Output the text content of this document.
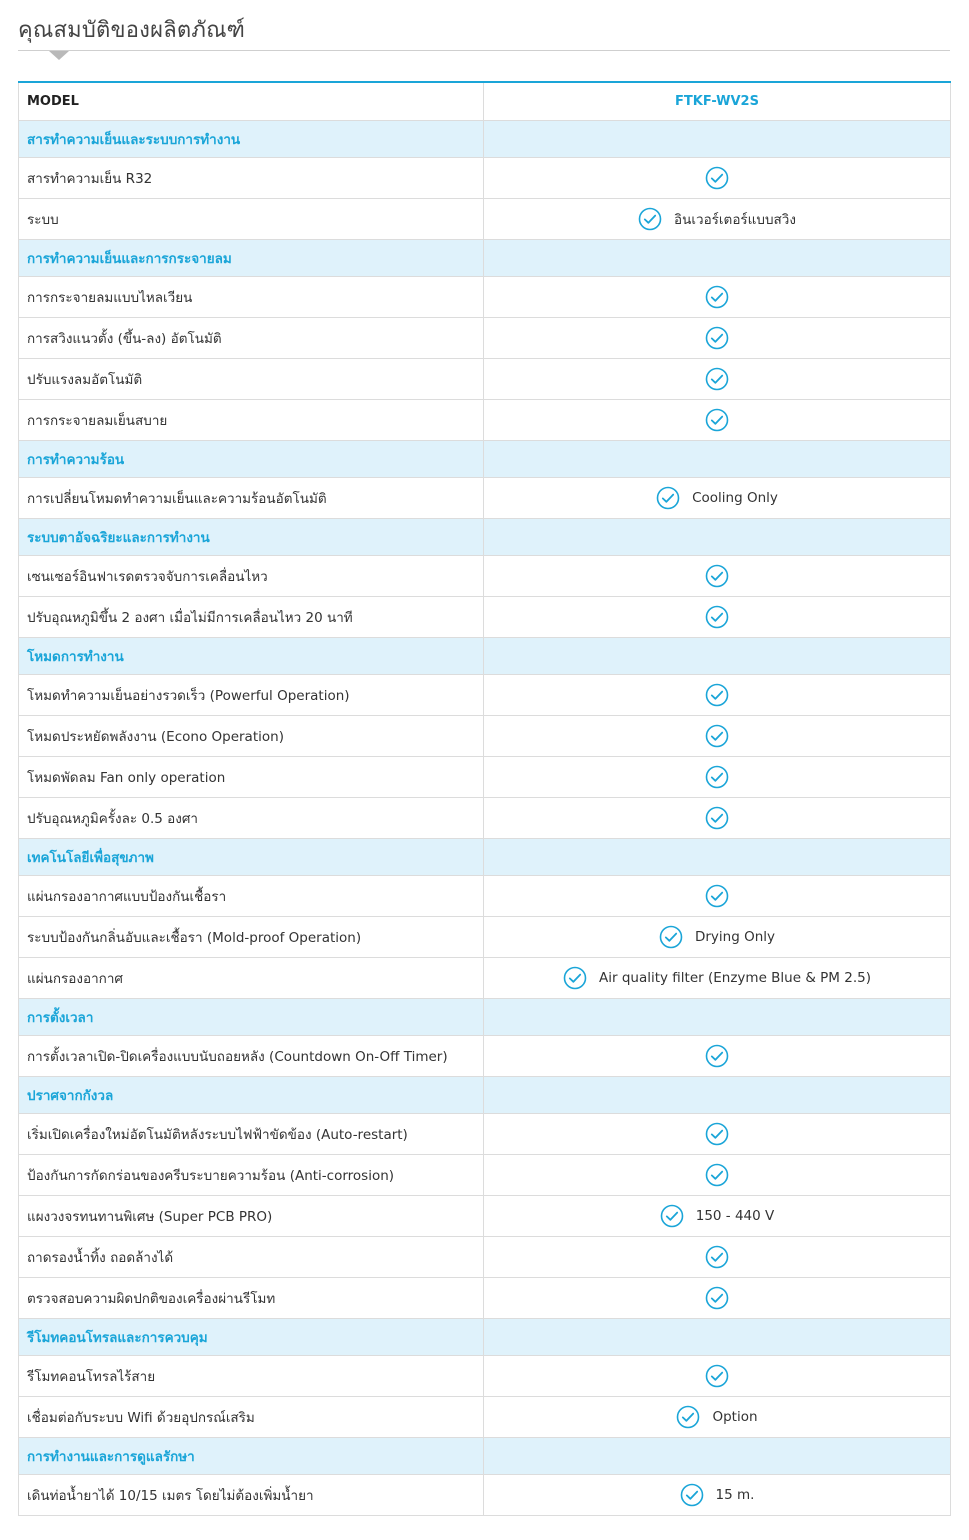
คุณสมบัติของผลิตภัณฑ์
MODEL	FTKF-WV2S
สารทำความเย็นและระบบการทำงาน	
สารทำความเย็น R32	
ระบบ	อินเวอร์เตอร์แบบสวิง
การทำความเย็นและการกระจายลม	
การกระจายลมแบบไหลเวียน	
การสวิงแนวตั้ง (ขึ้น-ลง) อัตโนมัติ	
ปรับแรงลมอัตโนมัติ	
การกระจายลมเย็นสบาย	
การทำความร้อน	
การเปลี่ยนโหมดทำความเย็นและความร้อนอัตโนมัติ	Cooling Only
ระบบตาอัจฉริยะและการทำงาน	
เซนเซอร์อินฟาเรดตรวจจับการเคลื่อนไหว	
ปรับอุณหภูมิขึ้น 2 องศา เมื่อไม่มีการเคลื่อนไหว 20 นาที	
โหมดการทำงาน	
โหมดทำความเย็นอย่างรวดเร็ว (Powerful Operation)	
โหมดประหยัดพลังงาน (Econo Operation)	
โหมดพัดลม Fan only operation	
ปรับอุณหภูมิครั้งละ 0.5 องศา	
เทคโนโลยีเพื่อสุขภาพ	
แผ่นกรองอากาศแบบป้องกันเชื้อรา	
ระบบป้องกันกลิ่นอับและเชื้อรา (Mold-proof Operation)	Drying Only
แผ่นกรองอากาศ	Air quality filter (Enzyme Blue & PM 2.5)
การตั้งเวลา	
การตั้งเวลาเปิด-ปิดเครื่องแบบนับถอยหลัง (Countdown On-Off Timer)	
ปราศจากกังวล	
เริ่มเปิดเครื่องใหม่อัตโนมัติหลังระบบไฟฟ้าขัดข้อง (Auto-restart)	
ป้องกันการกัดกร่อนของครีบระบายความร้อน (Anti-corrosion)	
แผงวงจรทนทานพิเศษ (Super PCB PRO)	150 - 440 V
ถาดรองน้ำทิ้ง ถอดล้างได้	
ตรวจสอบความผิดปกติของเครื่องผ่านรีโมท	
รีโมทคอนโทรลและการควบคุม	
รีโมทคอนโทรลไร้สาย	
เชื่อมต่อกับระบบ Wifi ด้วยอุปกรณ์เสริม	Option
การทำงานและการดูแลรักษา	
เดินท่อน้ำยาได้ 10/15 เมตร โดยไม่ต้องเพิ่มน้ำยา	15 m.
